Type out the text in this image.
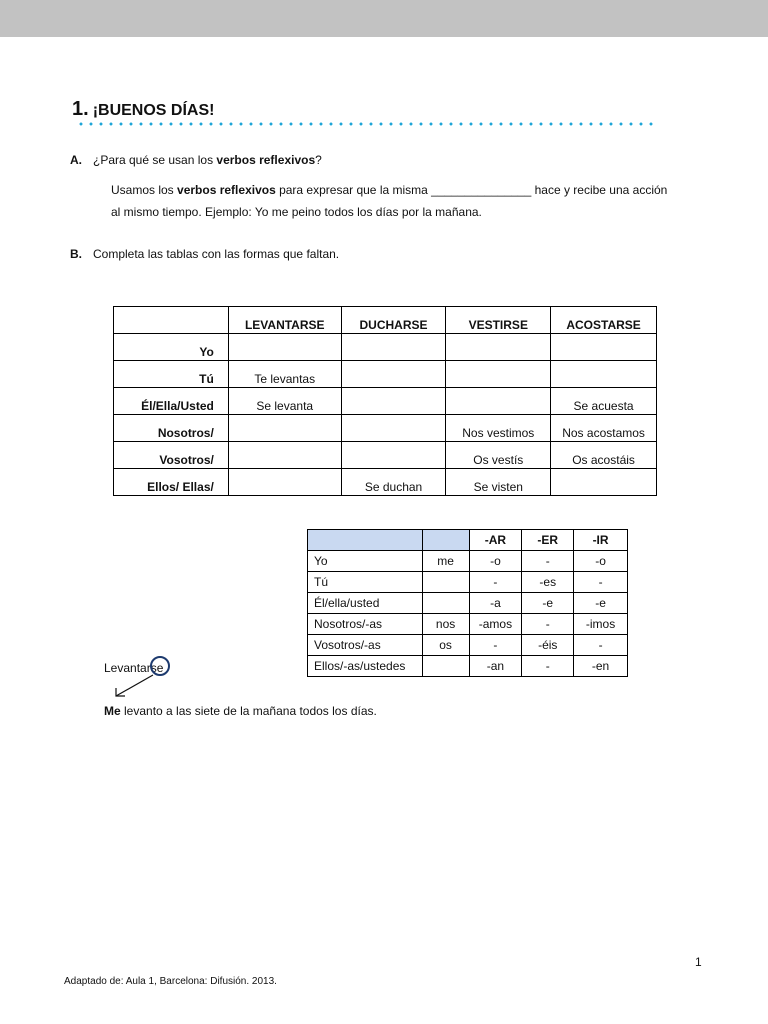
1. ¡BUENOS DÍAS!
A. ¿Para qué se usan los verbos reflexivos?
Usamos los verbos reflexivos para expresar que la misma _______________ hace y recibe una acción
al mismo tiempo. Ejemplo: Yo me peino todos los días por la mañana.
B. Completa las tablas con las formas que faltan.
	LEVANTARSE	DUCHARSE	VESTIRSE	ACOSTARSE
Yo				
Tú	Te levantas			
Él/Ella/Usted	Se levanta			Se acuesta
Nosotros/			Nos vestimos	Nos acostamos
Vosotros/			Os vestís	Os acostáis
Ellos/ Ellas/		Se duchan	Se visten	
		-AR	-ER	-IR
Yo	me	-o	-	-o
Tú		-	-es	-
Él/ella/usted		-a	-e	-e
Nosotros/-as	nos	-amos	-	-imos
Vosotros/-as	os	-	-éis	-
Ellos/-as/ustedes		-an	-	-en
Levantarse
Me levanto a las siete de la mañana todos los días.
1
Adaptado de: Aula 1, Barcelona: Difusión. 2013.
